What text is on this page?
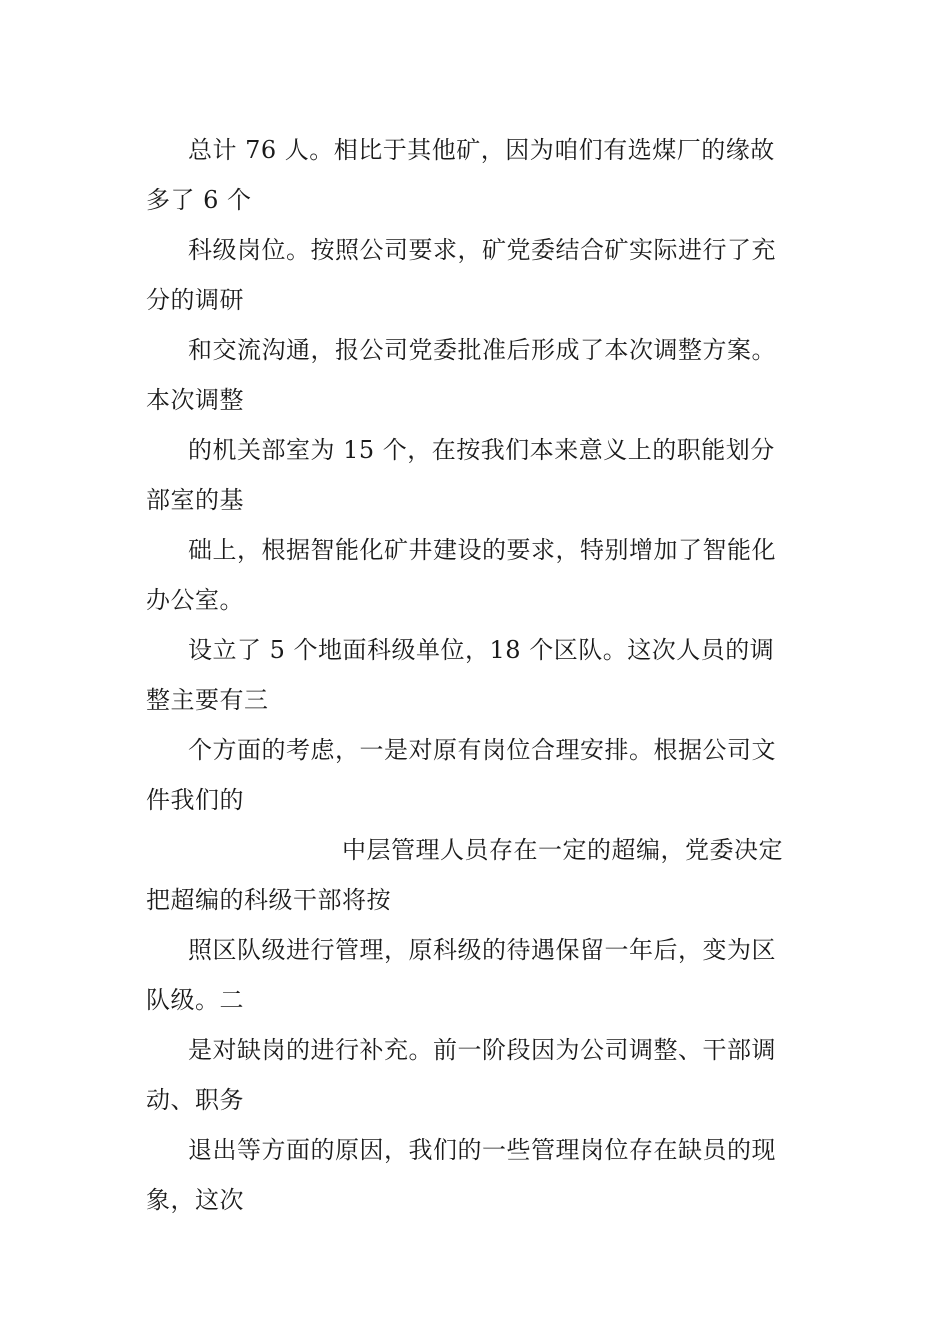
总计 76 人。相比于其他矿，因为咱们有选煤厂的缘故
多了 6 个
科级岗位。按照公司要求，矿党委结合矿实际进行了充
分的调研
和交流沟通，报公司党委批准后形成了本次调整方案。
本次调整
的机关部室为 15 个，在按我们本来意义上的职能划分
部室的基
础上，根据智能化矿井建设的要求，特别增加了智能化
办公室。
设立了 5 个地面科级单位，18 个区队。这次人员的调
整主要有三
个方面的考虑，一是对原有岗位合理安排。根据公司文
件我们的
中层管理人员存在一定的超编，党委决定
把超编的科级干部将按
照区队级进行管理，原科级的待遇保留一年后，变为区
队级。二
是对缺岗的进行补充。前一阶段因为公司调整、干部调
动、职务
退出等方面的原因，我们的一些管理岗位存在缺员的现
象，这次
